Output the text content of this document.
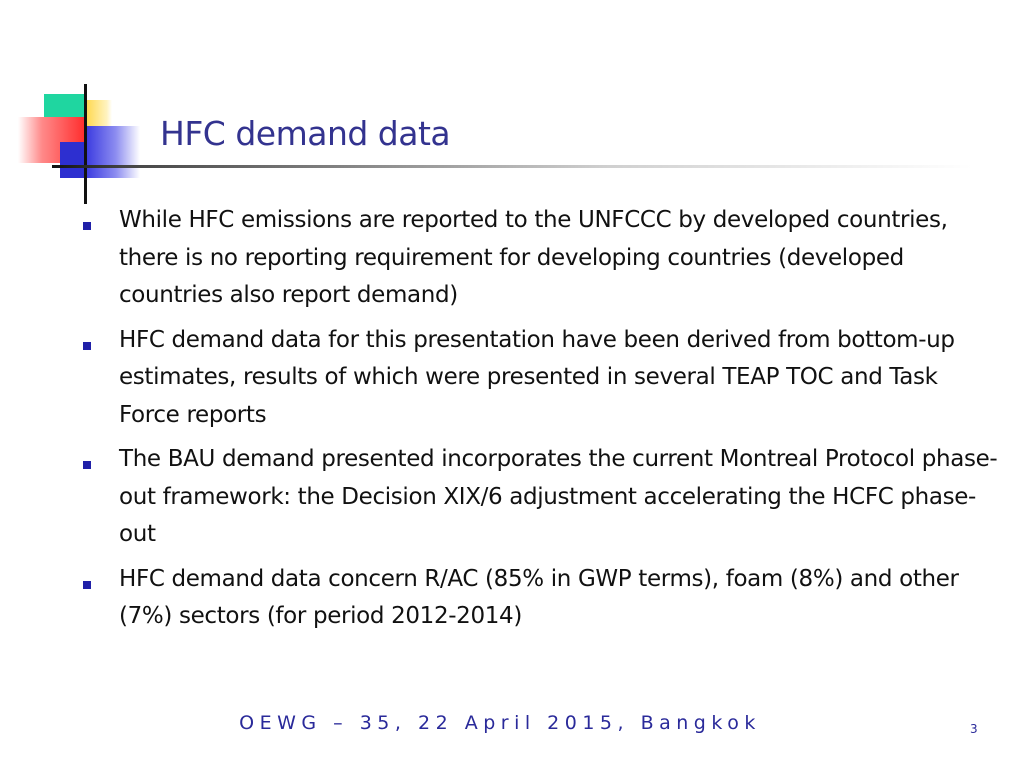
HFC demand data
While HFC emissions are reported to the UNFCCC by developed countries, there is no reporting requirement for developing countries (developed countries also report demand)
HFC demand data for this presentation have been derived from bottom-up estimates, results of which were presented in several TEAP TOC and Task Force reports
The BAU demand presented incorporates the current Montreal Protocol phase-out framework: the Decision XIX/6 adjustment accelerating the HCFC phase-out
HFC demand data concern R/AC (85% in GWP terms), foam (8%) and other (7%) sectors (for period 2012-2014)
OEWG – 35, 22 April 2015, Bangkok	3
